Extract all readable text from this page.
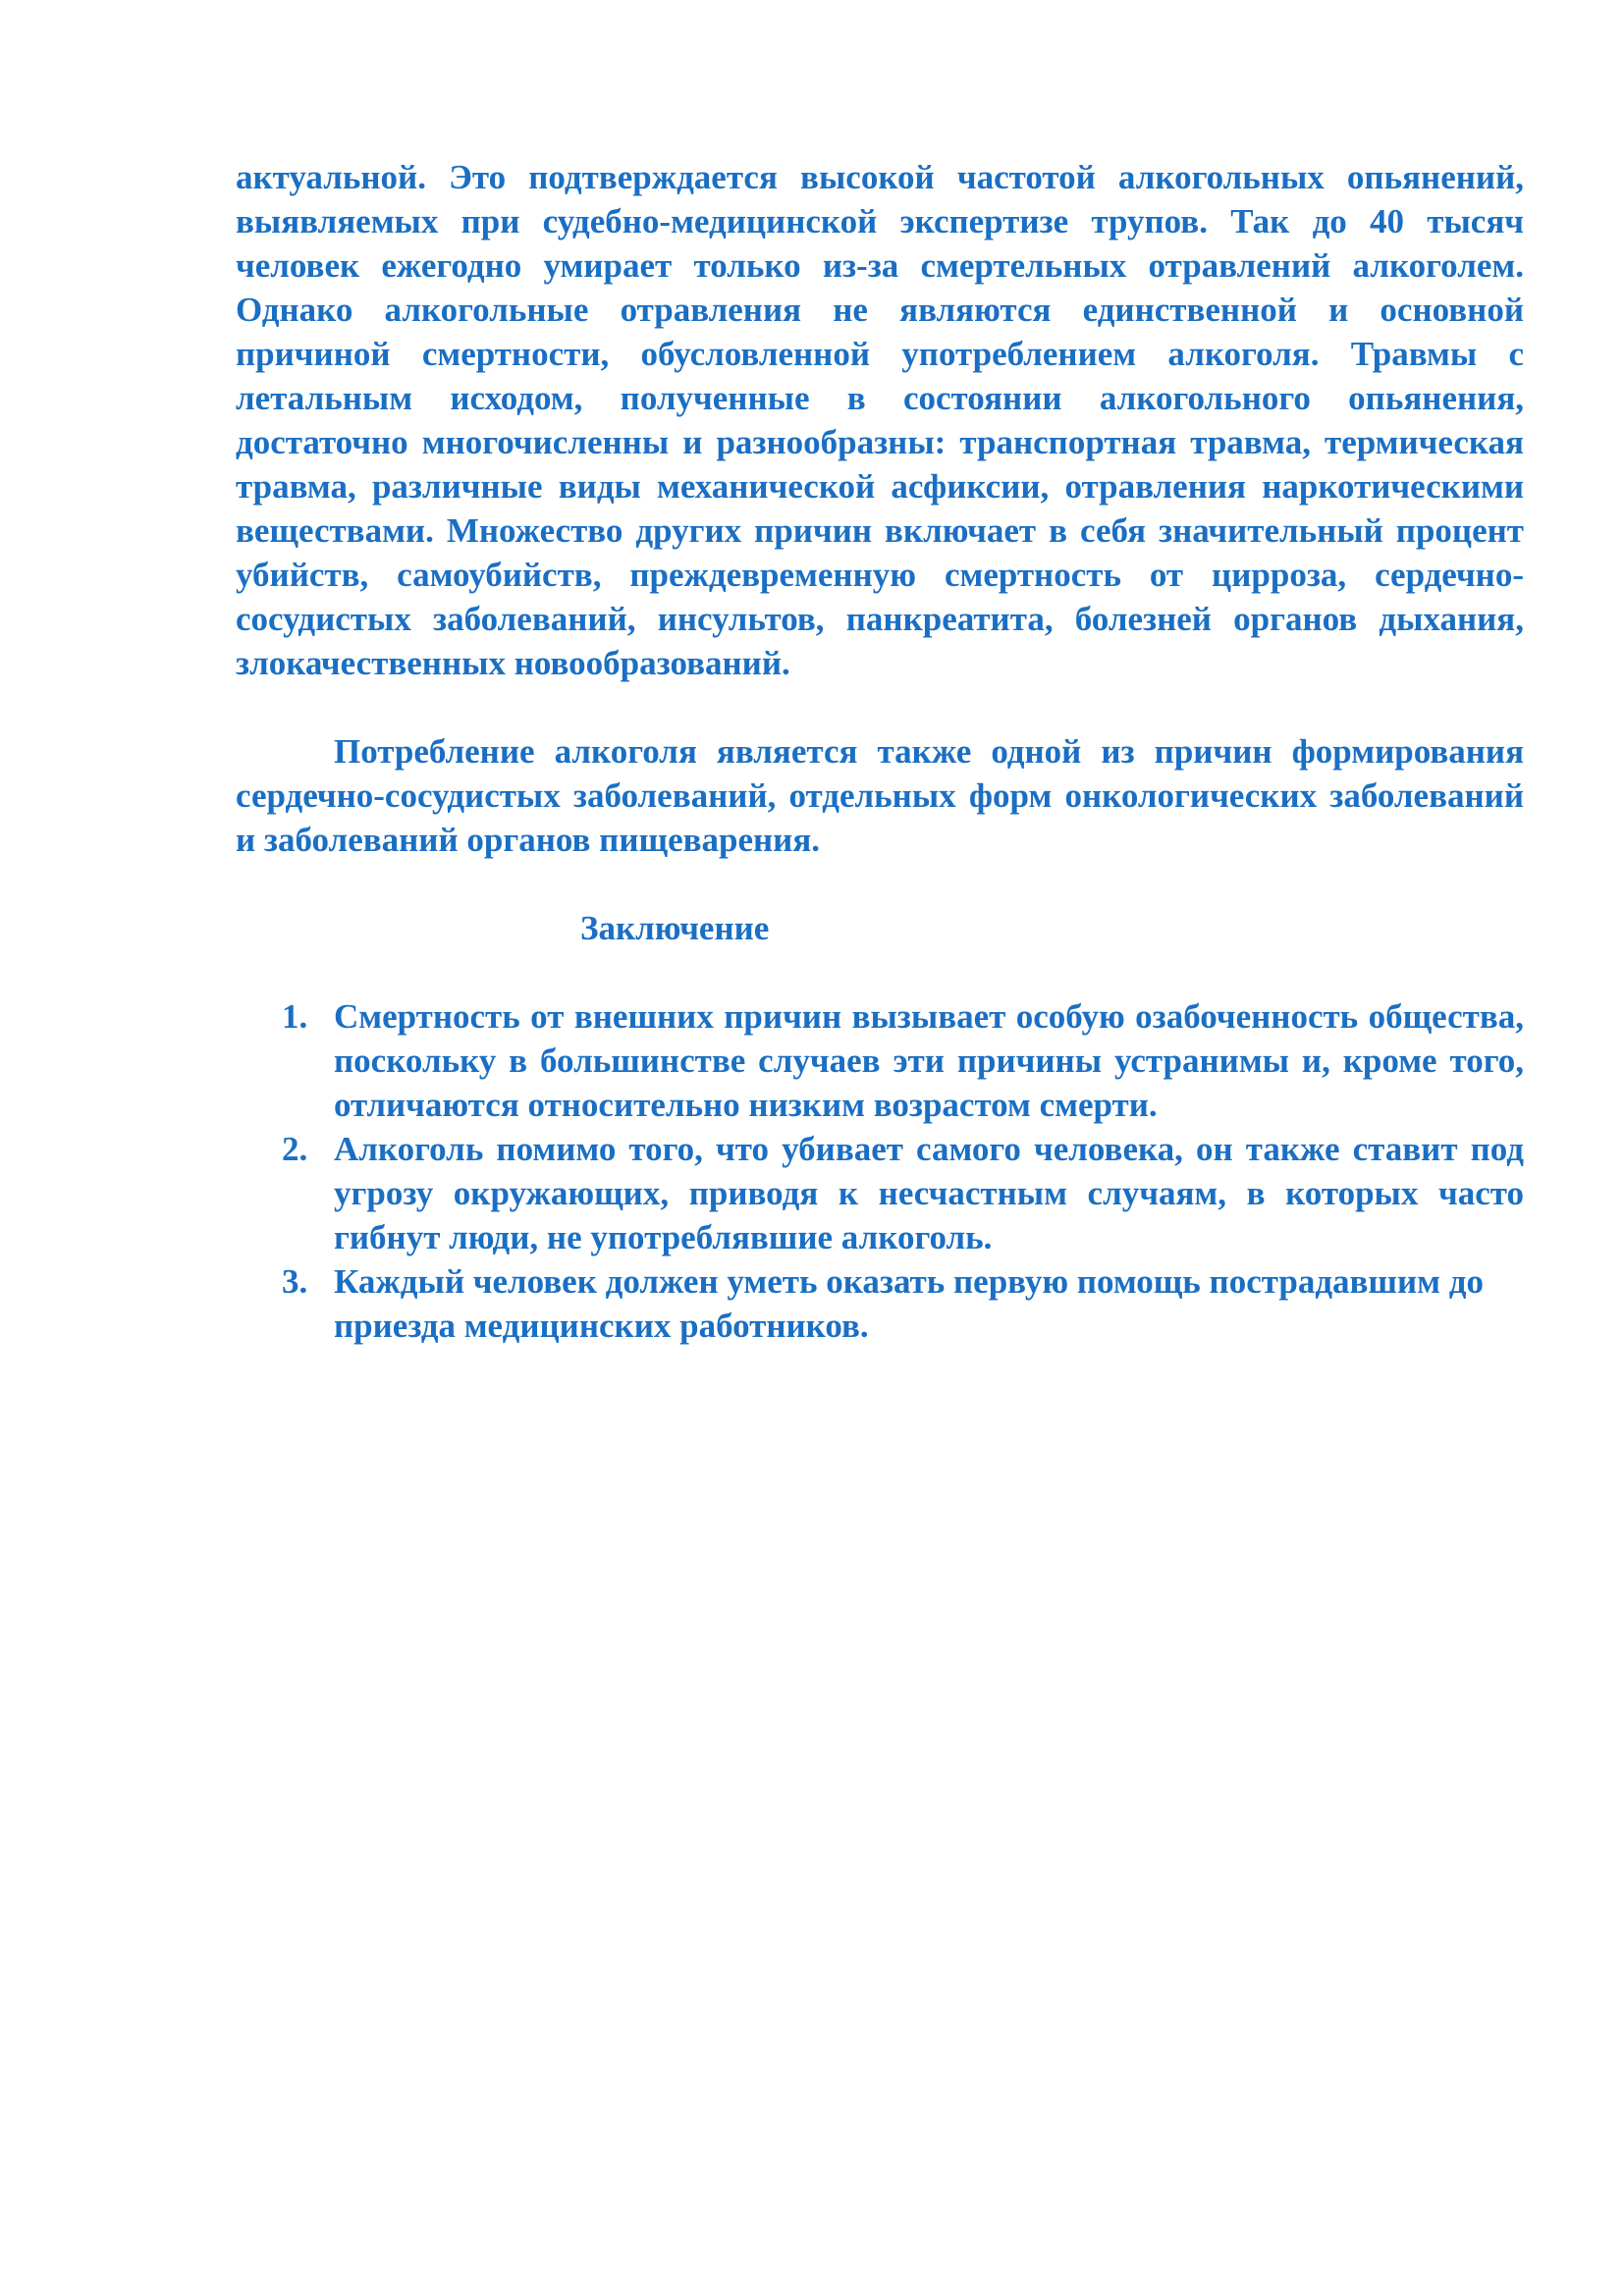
актуальной. Это подтверждается высокой частотой алкогольных опьянений, выявляемых при судебно-медицинской экспертизе трупов. Так до 40 тысяч человек ежегодно умирает только из-за смертельных отравлений алкоголем. Однако алкогольные отравления не являются единственной и основной причиной смертности, обусловленной употреблением алкоголя. Травмы с летальным исходом, полученные в состоянии алкогольного опьянения, достаточно многочисленны и разнообразны: транспортная травма, термическая травма, различные виды механической асфиксии, отравления наркотическими веществами. Множество других причин включает в себя значительный процент убийств, самоубийств, преждевременную смертность от цирроза, сердечно-сосудистых заболеваний, инсультов, панкреатита, болезней органов дыхания, злокачественных новообразований.

Потребление алкоголя является также одной из причин формирования сердечно-сосудистых заболеваний, отдельных форм онкологических заболеваний и заболеваний органов пищеварения.

Заключение

1. Смертность от внешних причин вызывает особую озабоченность общества, поскольку в большинстве случаев эти причины устранимы и, кроме того, отличаются относительно низким возрастом смерти.
2. Алкоголь помимо того, что убивает самого человека, он также ставит под угрозу окружающих, приводя к несчастным случаям, в которых часто гибнут люди, не употреблявшие алкоголь.
3. Каждый человек должен уметь оказать первую помощь пострадавшим до приезда медицинских работников.
